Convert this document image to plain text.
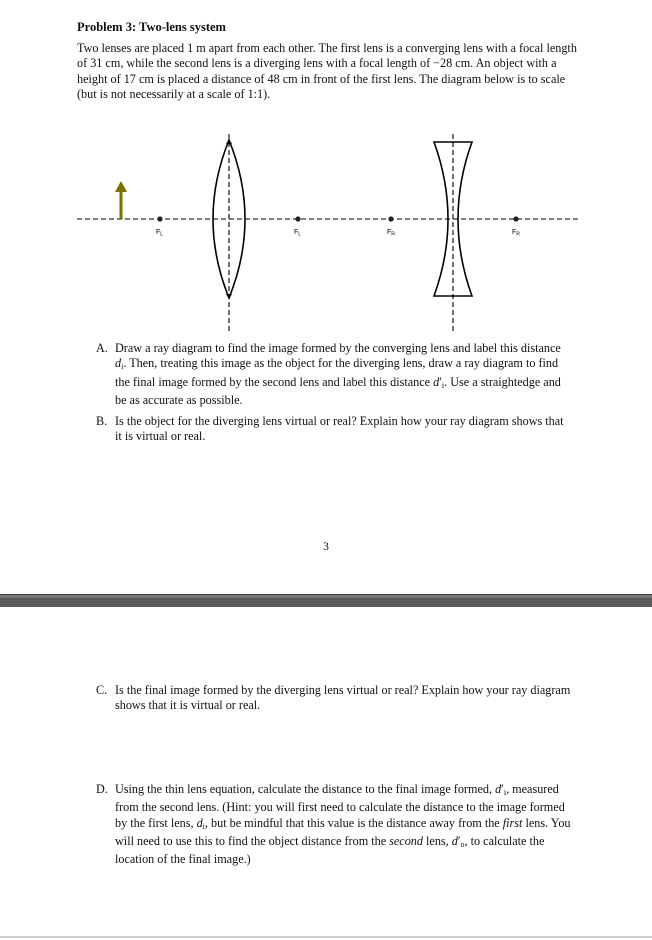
Problem 3: Two-lens system
Two lenses are placed 1 m apart from each other. The first lens is a converging lens with a focal length of 31 cm, while the second lens is a diverging lens with a focal length of −28 cm. An object with a height of 17 cm is placed a distance of 48 cm in front of the first lens. The diagram below is to scale (but is not necessarily at a scale of 1:1).
$F_L$	$F_L$	$F_R$	$F_R$
A. Draw a ray diagram to find the image formed by the converging lens and label this distance $d_i$. Then, treating this image as the object for the diverging lens, draw a ray diagram to find the final image formed by the second lens and label this distance $d'_i$. Use a straightedge and be as accurate as possible.
B. Is the object for the diverging lens virtual or real? Explain how your ray diagram shows that it is virtual or real.
3
C. Is the final image formed by the diverging lens virtual or real? Explain how your ray diagram shows that it is virtual or real.
D. Using the thin lens equation, calculate the distance to the final image formed, $d'_i$, measured from the second lens. (Hint: you will first need to calculate the distance to the image formed by the first lens, $d_i$, but be mindful that this value is the distance away from the first lens. You will need to use this to find the object distance from the second lens, $d'_o$, to calculate the location of the final image.)
